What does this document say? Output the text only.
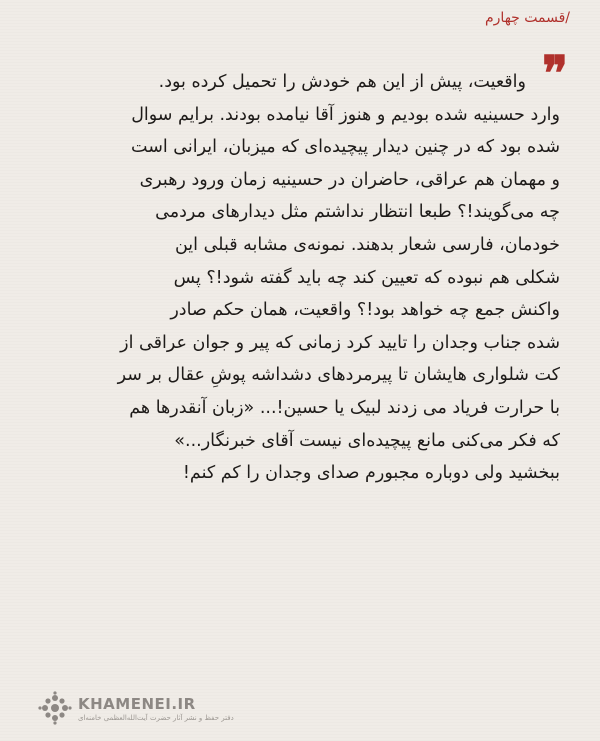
/قسمت چهارم
❞
واقعیت، پیش از این هم خودش را تحمیل کرده بود.
وارد حسینیه شده بودیم و هنوز آقا نیامده بودند. برایم سوال
شده بود که در چنین دیدار پیچیده‌ای که میزبان، ایرانی است
و مهمان هم عراقی، حاضران در حسینیه زمان ورود رهبری
چه می‌گویند!؟ طبعا انتظار نداشتم مثل دیدارهای مردمی
خودمان، فارسی شعار بدهند. نمونه‌ی مشابه قبلی این
شکلی هم نبوده که تعیین کند چه باید گفته شود!؟ پس
واکنش جمع چه خواهد بود!؟ واقعیت، همان حکم صادر
شده جناب وجدان را تایید کرد زمانی که پیر و جوان عراقی از
کت شلواری هایشان تا پیرمردهای دشداشه پوشِ عقال بر سر
با حرارت فریاد می زدند لبیک یا حسین!... «زبان آنقدرها هم
که فکر می‌کنی مانع پیچیده‌ای نیست آقای خبرنگار...»
ببخشید ولی دوباره مجبورم صدای وجدان را کم کنم!
KHAMENEI.IR
دفتر حفظ و نشر آثار حضرت آیت‌الله‌العظمی خامنه‌ای
